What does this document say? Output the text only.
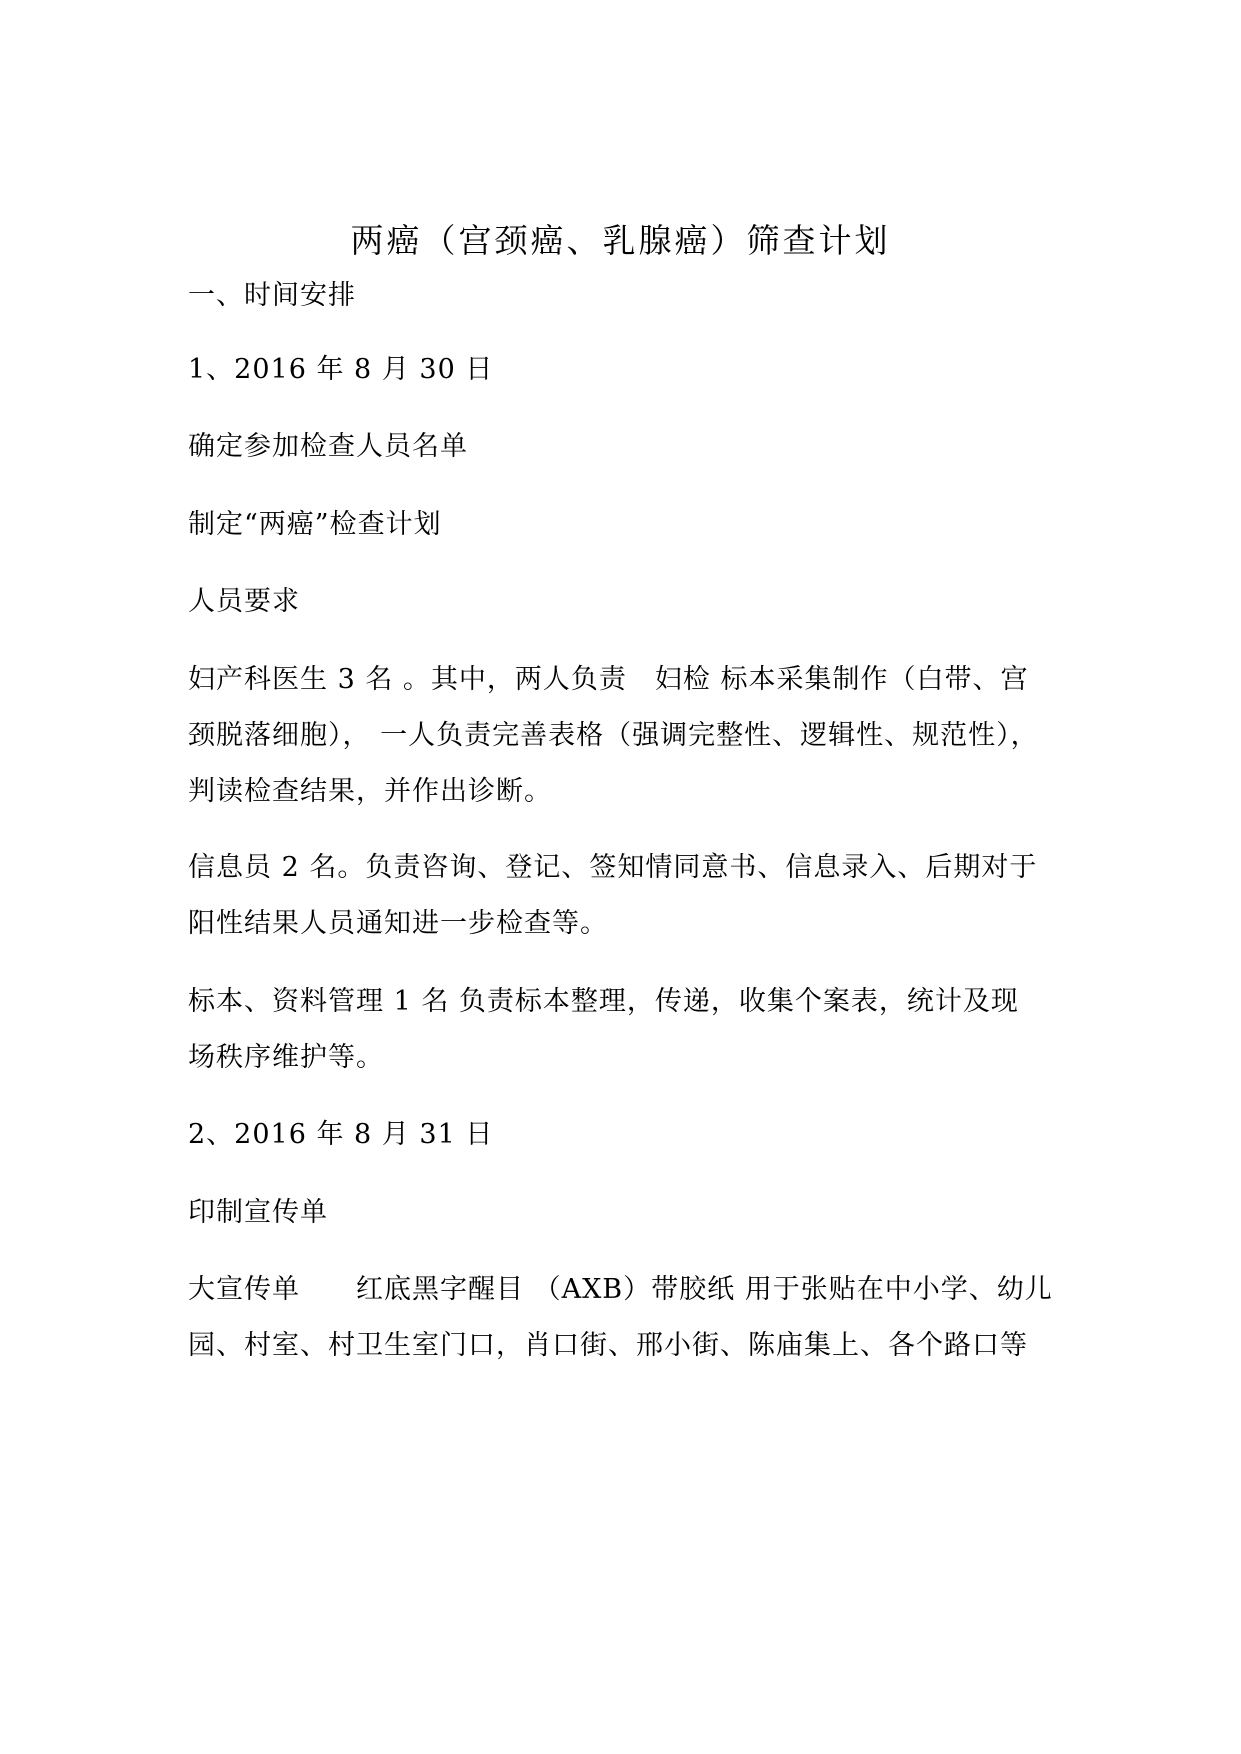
两癌（宫颈癌、乳腺癌）筛查计划

一、时间安排

1、2016 年 8 月 30 日

确定参加检查人员名单

制定“两癌”检查计划

人员要求

妇产科医生 3 名 。其中，两人负责　妇检 标本采集制作（白带、宫
颈脱落细胞）， 一人负责完善表格（强调完整性、逻辑性、规范性），
判读检查结果，并作出诊断。
信息员 2 名。负责咨询、登记、签知情同意书、信息录入、后期对于
阳性结果人员通知进一步检查等。
标本、资料管理 1 名 负责标本整理，传递，收集个案表，统计及现
场秩序维护等。

2、2016 年 8 月 31 日

印制宣传单

大宣传单　　红底黑字醒目 （AXB）带胶纸 用于张贴在中小学、幼儿
园、村室、村卫生室门口，肖口街、邢小街、陈庙集上、各个路口等
